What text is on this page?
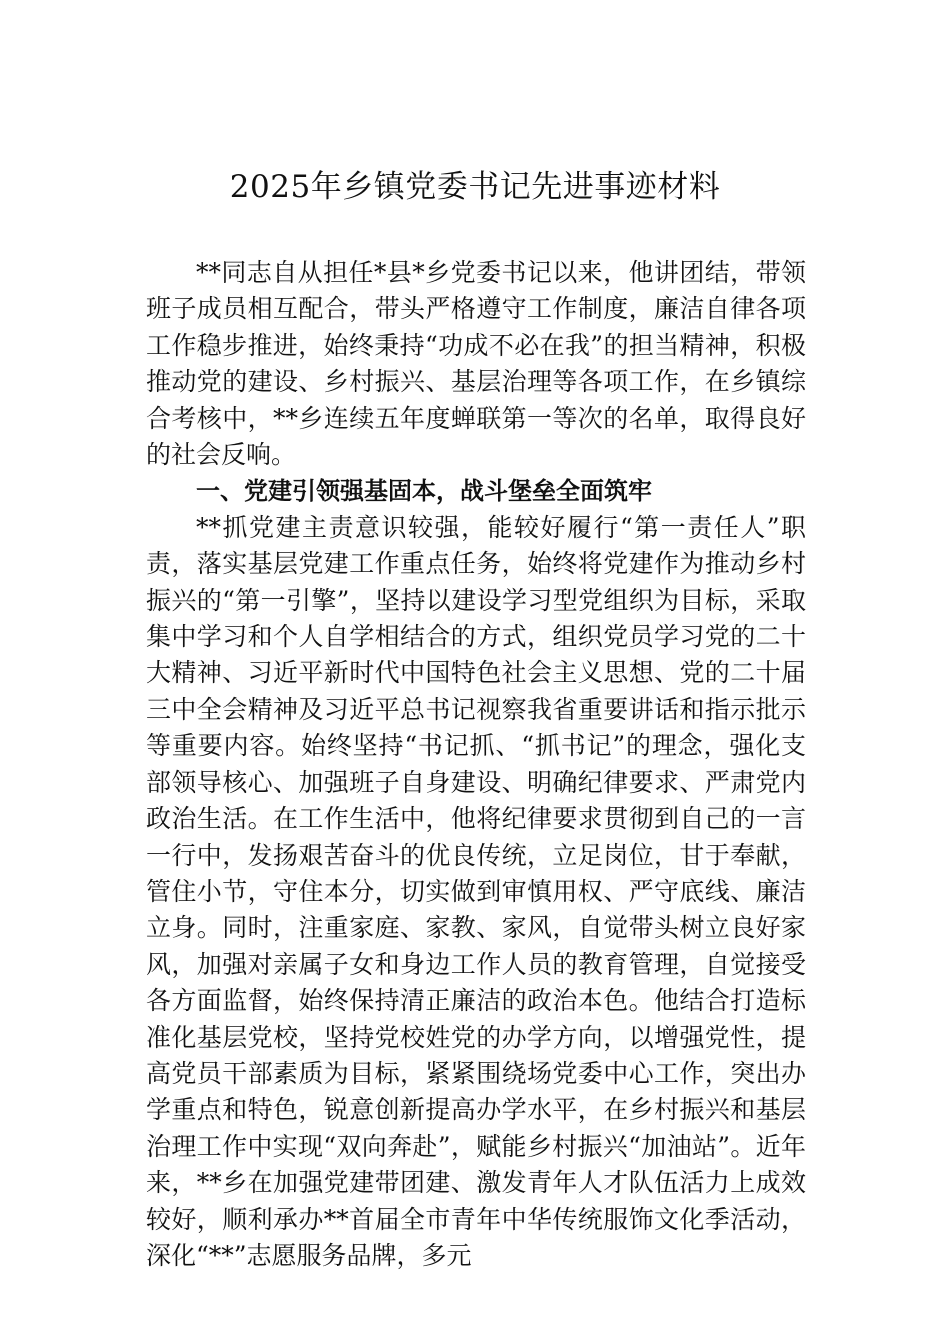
2025年乡镇党委书记先进事迹材料

**同志自从担任*县*乡党委书记以来，他讲团结，带领班子成员相互配合，带头严格遵守工作制度，廉洁自律各项工作稳步推进，始终秉持“功成不必在我”的担当精神，积极推动党的建设、乡村振兴、基层治理等各项工作，在乡镇综合考核中，**乡连续五年度蝉联第一等次的名单，取得良好的社会反响。

一、党建引领强基固本，战斗堡垒全面筑牢

**抓党建主责意识较强，能较好履行“第一责任人”职责，落实基层党建工作重点任务，始终将党建作为推动乡村振兴的“第一引擎”，坚持以建设学习型党组织为目标，采取集中学习和个人自学相结合的方式，组织党员学习党的二十大精神、习近平新时代中国特色社会主义思想、党的二十届三中全会精神及习近平总书记视察我省重要讲话和指示批示等重要内容。始终坚持“书记抓、“抓书记”的理念，强化支部领导核心、加强班子自身建设、明确纪律要求、严肃党内政治生活。在工作生活中，他将纪律要求贯彻到自己的一言一行中，发扬艰苦奋斗的优良传统，立足岗位，甘于奉献，管住小节，守住本分，切实做到审慎用权、严守底线、廉洁立身。同时，注重家庭、家教、家风，自觉带头树立良好家风，加强对亲属子女和身边工作人员的教育管理，自觉接受各方面监督，始终保持清正廉洁的政治本色。他结合打造标准化基层党校，坚持党校姓党的办学方向，以增强党性，提高党员干部素质为目标，紧紧围绕场党委中心工作，突出办学重点和特色，锐意创新提高办学水平，在乡村振兴和基层治理工作中实现“双向奔赴”，赋能乡村振兴“加油站”。近年来，**乡在加强党建带团建、激发青年人才队伍活力上成效较好，顺利承办**首届全市青年中华传统服饰文化季活动，深化“**”志愿服务品牌，多元
